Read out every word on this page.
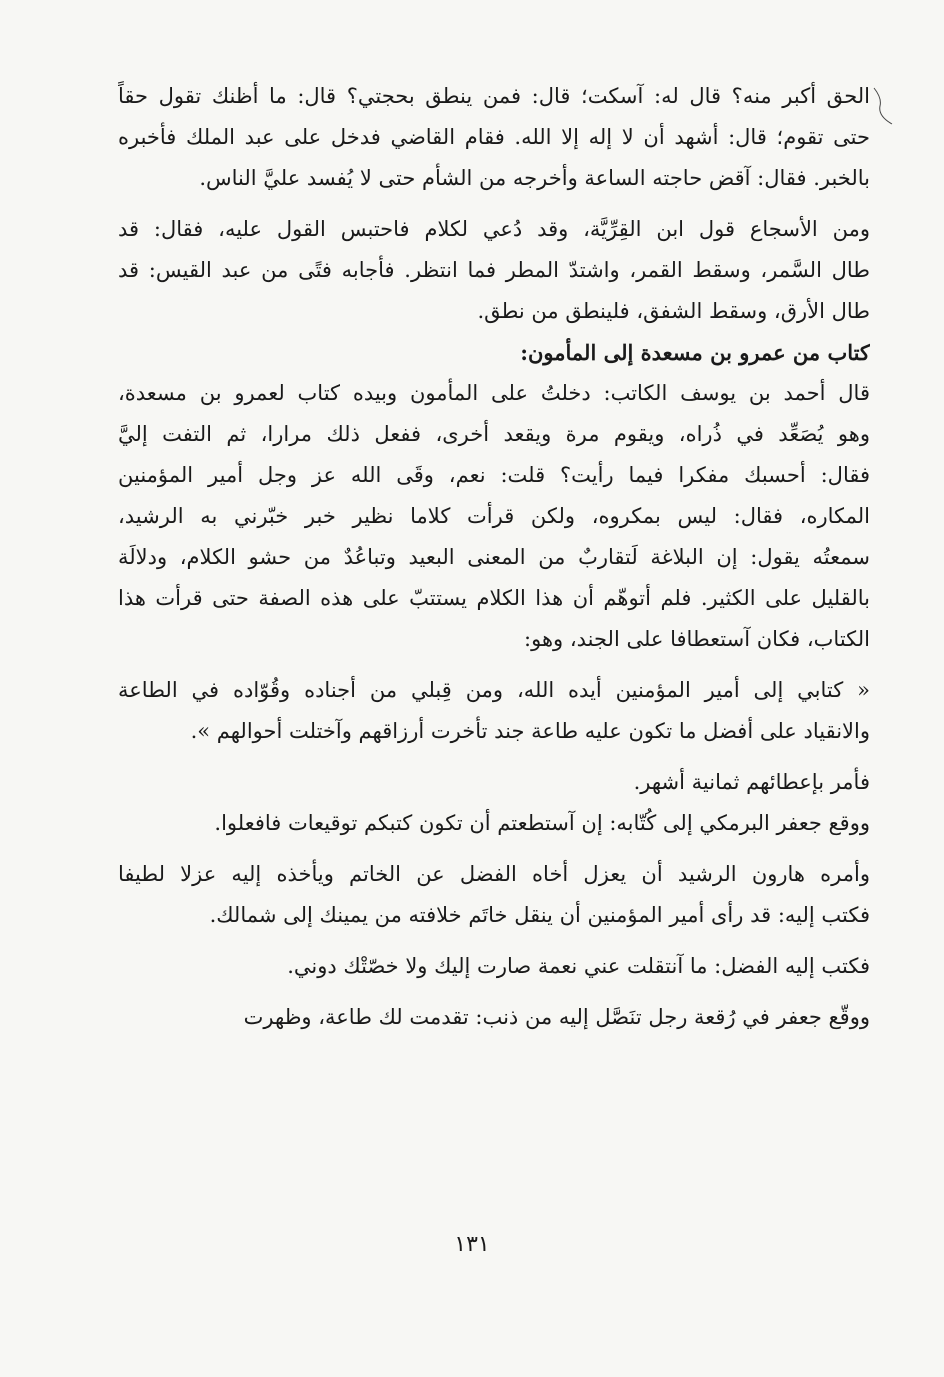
الحق أكبر منه؟ قال له: آسكت؛ قال: فمن ينطق بحجتي؟ قال: ما أظنك تقول حقاً
حتى تقوم؛ قال: أشهد أن لا إله إلا الله. فقام القاضي فدخل على عبد الملك فأخبره
بالخبر. فقال: آقض حاجته الساعة وأخرجه من الشأم حتى لا يُفسد عليَّ الناس.
ومن الأسجاع قول ابن القِرِّيَّة، وقد دُعي لكلام فاحتبس القول عليه، فقال: قد
طال السَّمر، وسقط القمر، واشتدّ المطر فما انتظر. فأجابه فتًى من عبد القيس: قد
طال الأرق، وسقط الشفق، فلينطق من نطق.
كتاب من عمرو بن مسعدة إلى المأمون:
قال أحمد بن يوسف الكاتب: دخلتُ على المأمون وبيده كتاب لعمرو بن مسعدة،
وهو يُصَعِّد في ذُراه، ويقوم مرة ويقعد أخرى، ففعل ذلك مرارا، ثم التفت إليَّ
فقال: أحسبك مفكرا فيما رأيت؟ قلت: نعم، وقَى الله عز وجل أمير المؤمنين
المكاره، فقال: ليس بمكروه، ولكن قرأت كلاما نظير خبر خبّرني به الرشيد،
سمعتُه يقول: إن البلاغة لَتقاربٌ من المعنى البعيد وتباعُدٌ من حشو الكلام، ودلالَة
بالقليل على الكثير. فلم أتوهّم أن هذا الكلام يستتبّ على هذه الصفة حتى قرأت هذا
الكتاب، فكان آستعطافا على الجند، وهو:
« كتابي إلى أمير المؤمنين أيده الله، ومن قِبلي من أجناده وقُوّاده في الطاعة
والانقياد على أفضل ما تكون عليه طاعة جند تأخرت أرزاقهم وآختلت أحوالهم ».
فأمر بإعطائهم ثمانية أشهر.
ووقع جعفر البرمكي إلى كُتّابه: إن آستطعتم أن تكون كتبكم توقيعات فافعلوا.
وأمره هارون الرشيد أن يعزل أخاه الفضل عن الخاتم ويأخذه إليه عزلا لطيفا
فكتب إليه: قد رأى أمير المؤمنين أن ينقل خاتَم خلافته من يمينك إلى شمالك.
فكتب إليه الفضل: ما آنتقلت عني نعمة صارت إليك ولا خصّتْك دوني.
ووقّع جعفر في رُقعة رجل تنَصَّل إليه من ذنب: تقدمت لك طاعة، وظهرت
١٣١
